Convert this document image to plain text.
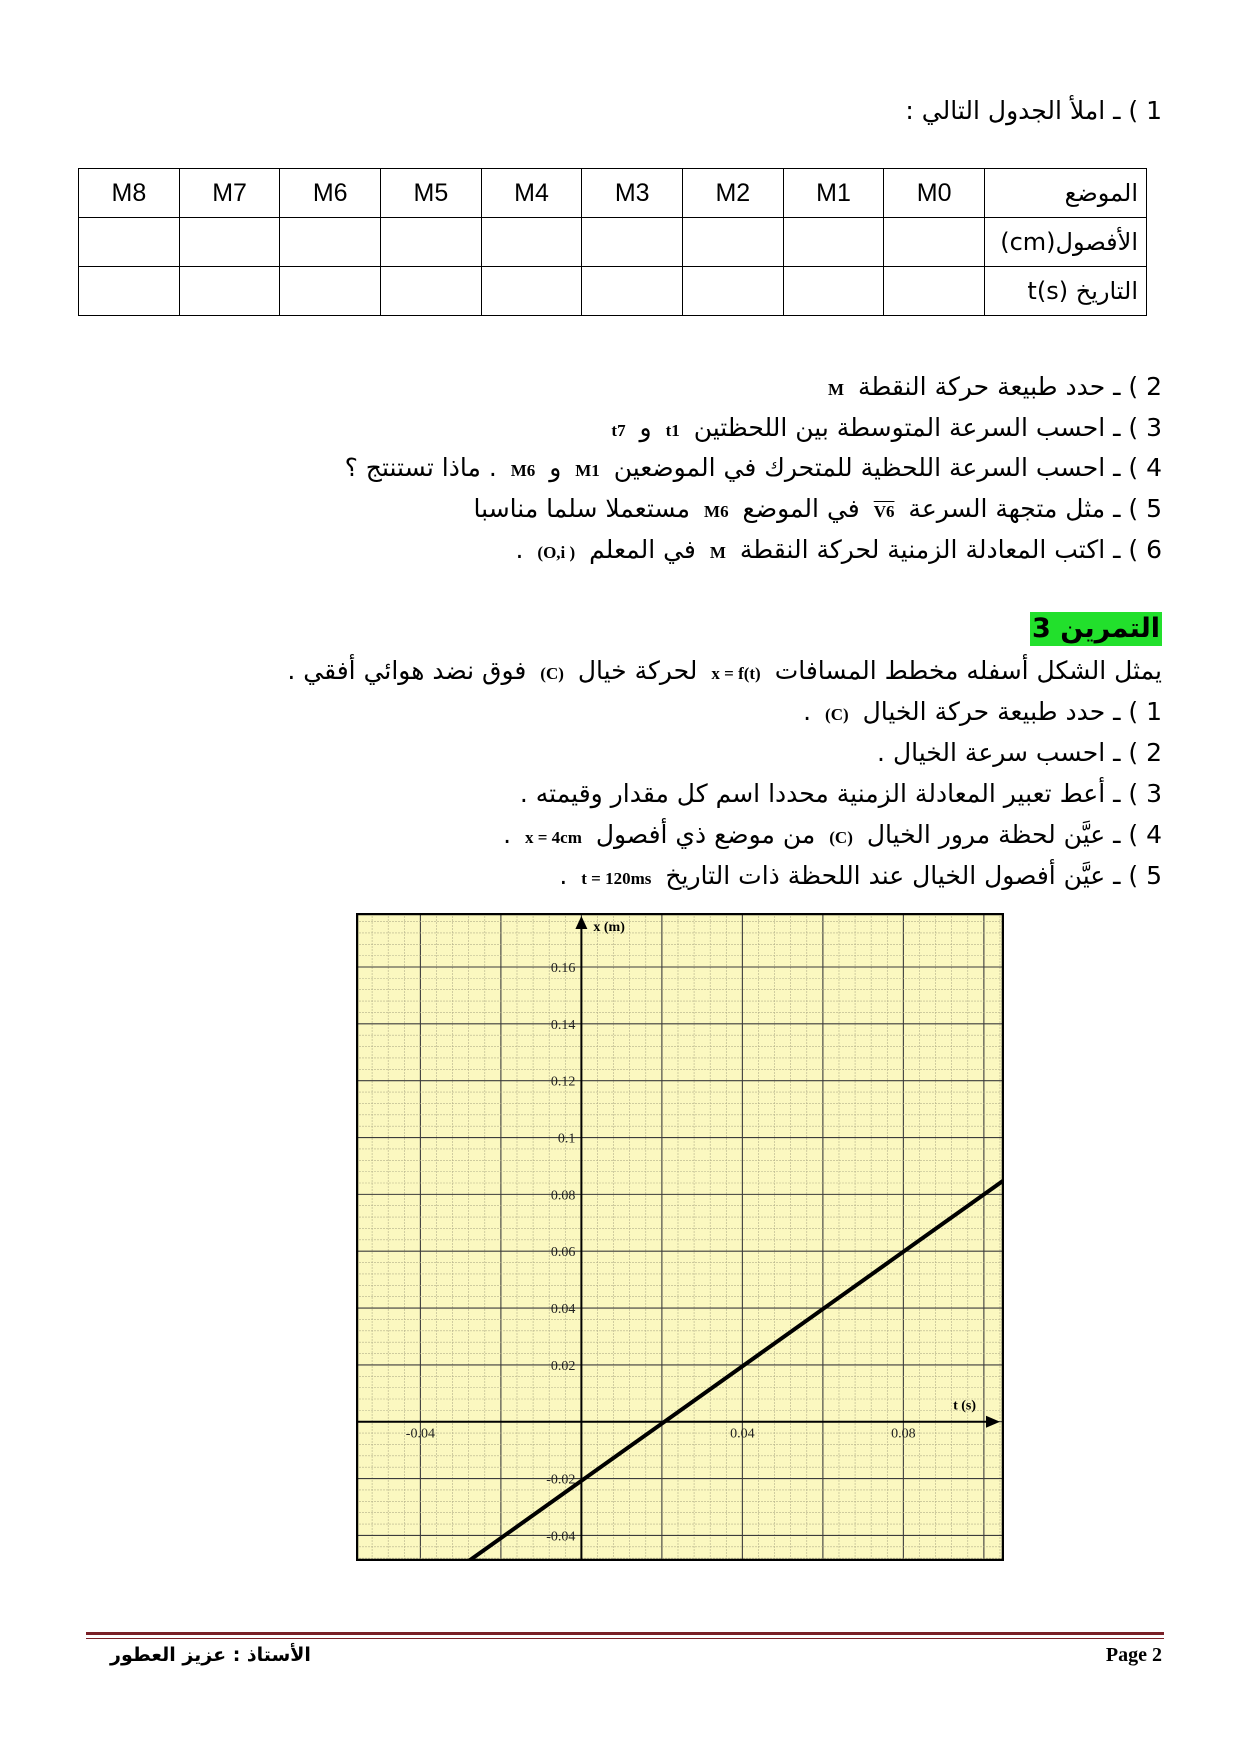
1 ) ـ املأ الجدول التالي :
الموضع	M0	M1	M2	M3	M4	M5	M6	M7	M8
الأفصول(cm)									
التاريخ (s)t									
2 ) ـ حدد طبيعة حركة النقطة M
3 ) ـ احسب السرعة المتوسطة بين اللحظتين t1 و t7
4 ) ـ احسب السرعة اللحظية للمتحرك في الموضعين M1 و M6 . ماذا تستنتج ؟
5 ) ـ مثل متجهة السرعة V6 في الموضع M6 مستعملا سلما مناسبا
6 ) ـ اكتب المعادلة الزمنية لحركة النقطة M في المعلم (O,i ) .
التمرين 3
يمثل الشكل أسفله مخطط المسافات x = f(t) لحركة خيال (C) فوق نضد هوائي أفقي .
1 ) ـ حدد طبيعة حركة الخيال (C) .
2 ) ـ احسب سرعة الخيال .
3 ) ـ أعط تعبير المعادلة الزمنية محددا اسم كل مقدار وقيمته .
4 ) ـ عيَّن لحظة مرور الخيال (C) من موضع ذي أفصول x = 4cm .
5 ) ـ عيَّن أفصول الخيال عند اللحظة ذات التاريخ t = 120ms .
-0.04	0.04	0.08
0.16
0.14
0.12
0.1
0.08
0.06
0.04
0.02
-0.02
-0.04
t (s)
x (m)
الأستاذ : عزيز العطور	Page 2
